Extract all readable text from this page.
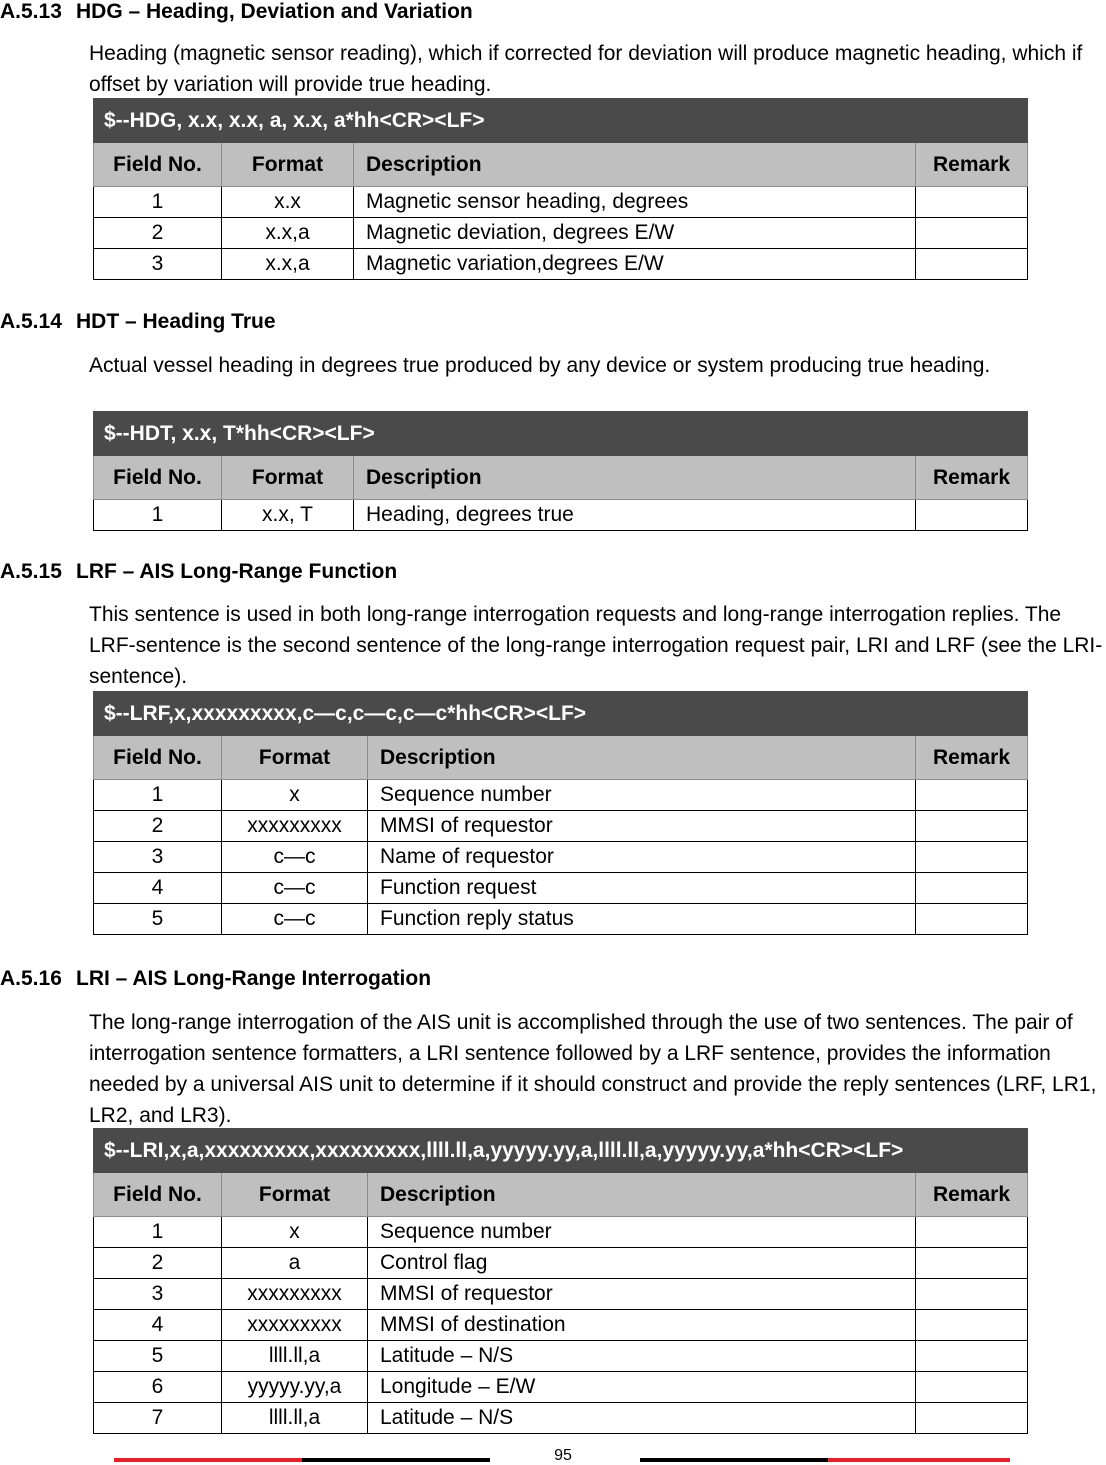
A.5.13 HDG – Heading, Deviation and Variation
Heading (magnetic sensor reading), which if corrected for deviation will produce magnetic heading, which if offset by variation will provide true heading.
$--HDG, x.x, x.x, a, x.x, a*hh<CR><LF>			
Field No.	Format	Description	Remark
1	x.x	Magnetic sensor heading, degrees	
2	x.x,a	Magnetic deviation, degrees E/W	
3	x.x,a	Magnetic variation,degrees E/W	
A.5.14 HDT – Heading True
Actual vessel heading in degrees true produced by any device or system producing true heading.
$--HDT, x.x, T*hh<CR><LF>			
Field No.	Format	Description	Remark
1	x.x, T	Heading, degrees true	
A.5.15 LRF – AIS Long-Range Function
This sentence is used in both long-range interrogation requests and long-range interrogation replies. The LRF-sentence is the second sentence of the long-range interrogation request pair, LRI and LRF (see the LRI-sentence).
$--LRF,x,xxxxxxxxx,c—c,c—c,c—c*hh<CR><LF>			
Field No.	Format	Description	Remark
1	x	Sequence number	
2	xxxxxxxxx	MMSI of requestor	
3	c—c	Name of requestor	
4	c—c	Function request	
5	c—c	Function reply status	
A.5.16 LRI – AIS Long-Range Interrogation
The long-range interrogation of the AIS unit is accomplished through the use of two sentences. The pair of interrogation sentence formatters, a LRI sentence followed by a LRF sentence, provides the information needed by a universal AIS unit to determine if it should construct and provide the reply sentences (LRF, LR1, LR2, and LR3).
$--LRI,x,a,xxxxxxxxx,xxxxxxxxx,llll.ll,a,yyyyy.yy,a,llll.ll,a,yyyyy.yy,a*hh<CR><LF>			
Field No.	Format	Description	Remark
1	x	Sequence number	
2	a	Control flag	
3	xxxxxxxxx	MMSI of requestor	
4	xxxxxxxxx	MMSI of destination	
5	llll.ll,a	Latitude – N/S	
6	yyyyy.yy,a	Longitude – E/W	
7	llll.ll,a	Latitude – N/S	
95
